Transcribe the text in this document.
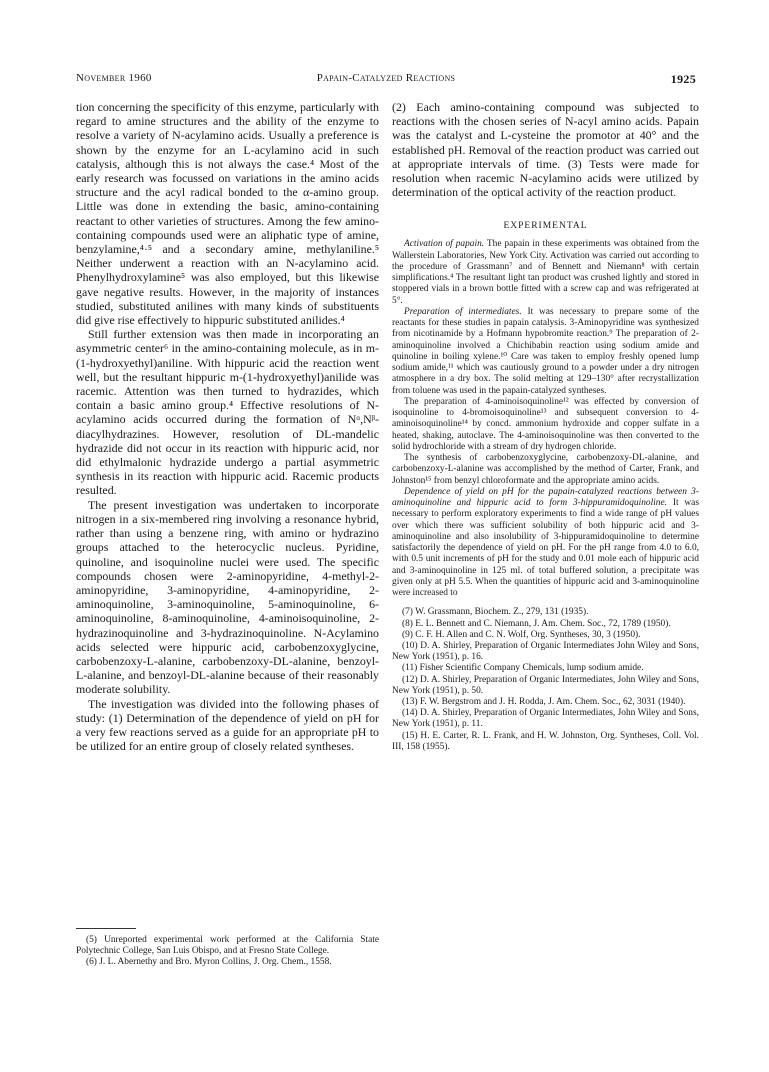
November 1960	Papain-Catalyzed Reactions	1925

tion concerning the specificity of this enzyme, particularly with regard to amine structures and the ability of the enzyme to resolve a variety of N-acylamino acids. Usually a preference is shown by the enzyme for an L-acylamino acid in such catalysis, although this is not always the case.⁴ Most of the early research was focussed on variations in the amino acids structure and the acyl radical bonded to the α-amino group. Little was done in extending the basic, amino-containing reactant to other varieties of structures. Among the few amino-containing compounds used were an aliphatic type of amine, benzylamine,⁴·⁵ and a secondary amine, methylaniline.⁵ Neither underwent a reaction with an N-acylamino acid. Phenylhydroxylamine⁵ was also employed, but this likewise gave negative results. However, in the majority of instances studied, substituted anilines with many kinds of substituents did give rise effectively to hippuric substituted anilides.⁴

Still further extension was then made in incorporating an asymmetric center⁶ in the amino-containing molecule, as in m-(1-hydroxyethyl)aniline. With hippuric acid the reaction went well, but the resultant hippuric m-(1-hydroxyethyl)anilide was racemic. Attention was then turned to hydrazides, which contain a basic amino group.⁴ Effective resolutions of N-acylamino acids occurred during the formation of Nᵅ,Nᵝ-diacylhydrazines. However, resolution of DL-mandelic hydrazide did not occur in its reaction with hippuric acid, nor did ethylmalonic hydrazide undergo a partial asymmetric synthesis in its reaction with hippuric acid. Racemic products resulted.

The present investigation was undertaken to incorporate nitrogen in a six-membered ring involving a resonance hybrid, rather than using a benzene ring, with amino or hydrazino groups attached to the heterocyclic nucleus. Pyridine, quinoline, and isoquinoline nuclei were used. The specific compounds chosen were 2-aminopyridine, 4-methyl-2-aminopyridine, 3-aminopyridine, 4-aminopyridine, 2-aminoquinoline, 3-aminoquinoline, 5-aminoquinoline, 6-aminoquinoline, 8-aminoquinoline, 4-aminoisoquinoline, 2-hydrazinoquinoline and 3-hydrazinoquinoline. N-Acylamino acids selected were hippuric acid, carbobenzoxyglycine, carbobenzoxy-L-alanine, carbobenzoxy-DL-alanine, benzoyl-L-alanine, and benzoyl-DL-alanine because of their reasonably moderate solubility.

The investigation was divided into the following phases of study: (1) Determination of the dependence of yield on pH for a very few reactions served as a guide for an appropriate pH to be utilized for an entire group of closely related syntheses.

(5) Unreported experimental work performed at the California State Polytechnic College, San Luis Obispo, and at Fresno State College.

(6) J. L. Abernethy and Bro. Myron Collins, J. Org. Chem., 1558.

(2) Each amino-containing compound was subjected to reactions with the chosen series of N-acyl amino acids. Papain was the catalyst and L-cysteine the promotor at 40° and the established pH. Removal of the reaction product was carried out at appropriate intervals of time. (3) Tests were made for resolution when racemic N-acylamino acids were utilized by determination of the optical activity of the reaction product.

EXPERIMENTAL

Activation of papain. The papain in these experiments was obtained from the Wallerstein Laboratories, New York City. Activation was carried out according to the procedure of Grassmann⁷ and of Bennett and Niemann⁸ with certain simplifications.⁴ The resultant light tan product was crushed lightly and stored in stoppered vials in a brown bottle fitted with a screw cap and was refrigerated at 5°.

Preparation of intermediates. It was necessary to prepare some of the reactants for these studies in papain catalysis. 3-Aminopyridine was synthesized from nicotinamide by a Hofmann hypobromite reaction.⁹ The preparation of 2-aminoquinoline involved a Chichibabin reaction using sodium amide and quinoline in boiling xylene.¹⁰ Care was taken to employ freshly opened lump sodium amide,¹¹ which was cautiously ground to a powder under a dry nitrogen atmosphere in a dry box. The solid melting at 129–130° after recrystallization from toluene was used in the papain-catalyzed syntheses.

The preparation of 4-aminoisoquinoline¹² was effected by conversion of isoquinoline to 4-bromoisoquinoline¹³ and subsequent conversion to 4-aminoisoquinoline¹⁴ by concd. ammonium hydroxide and copper sulfate in a heated, shaking, autoclave. The 4-aminoisoquinoline was then converted to the solid hydrochloride with a stream of dry hydrogen chloride.

The synthesis of carbobenzoxyglycine, carbobenzoxy-DL-alanine, and carbobenzoxy-L-alanine was accomplished by the method of Carter, Frank, and Johnston¹⁵ from benzyl chloroformate and the appropriate amino acids.

Dependence of yield on pH for the papain-catalyzed reactions between 3-aminoquinoline and hippuric acid to form 3-hippuramidoquinoline. It was necessary to perform exploratory experiments to find a wide range of pH values over which there was sufficient solubility of both hippuric acid and 3-aminoquinoline and also insolubility of 3-hippuramidoquinoline to determine satisfactorily the dependence of yield on pH. For the pH range from 4.0 to 6.0, with 0.5 unit increments of pH for the study and 0.01 mole each of hippuric acid and 3-aminoquinoline in 125 ml. of total buffered solution, a precipitate was given only at pH 5.5. When the quantities of hippuric acid and 3-aminoquinoline were increased to

(7) W. Grassmann, Biochem. Z., 279, 131 (1935).

(8) E. L. Bennett and C. Niemann, J. Am. Chem. Soc., 72, 1789 (1950).

(9) C. F. H. Allen and C. N. Wolf, Org. Syntheses, 30, 3 (1950).

(10) D. A. Shirley, Preparation of Organic Intermediates John Wiley and Sons, New York (1951), p. 16.

(11) Fisher Scientific Company Chemicals, lump sodium amide.

(12) D. A. Shirley, Preparation of Organic Intermediates, John Wiley and Sons, New York (1951), p. 50.

(13) F. W. Bergstrom and J. H. Rodda, J. Am. Chem. Soc., 62, 3031 (1940).

(14) D. A. Shirley, Preparation of Organic Intermediates, John Wiley and Sons, New York (1951), p. 11.

(15) H. E. Carter, R. L. Frank, and H. W. Johnston, Org. Syntheses, Coll. Vol. III, 158 (1955).
